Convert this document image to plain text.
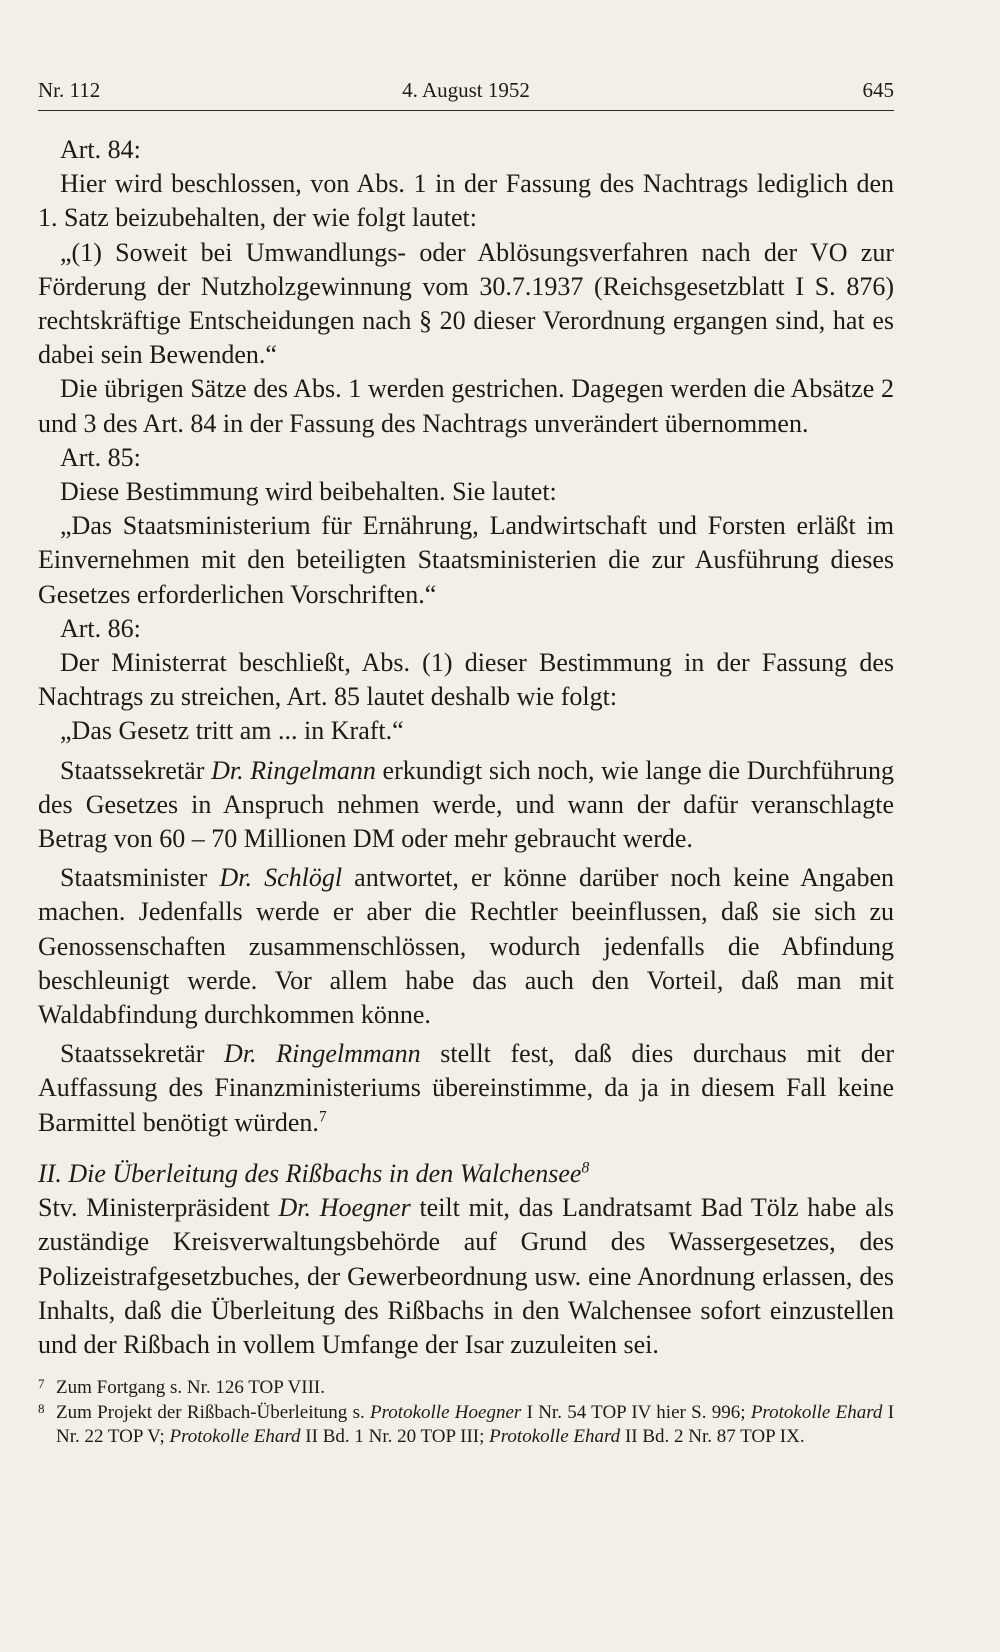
Nr. 112	4. August 1952	645

Art. 84:

Hier wird beschlossen, von Abs. 1 in der Fassung des Nachtrags lediglich den 1. Satz beizubehalten, der wie folgt lautet:

„(1) Soweit bei Umwandlungs- oder Ablösungsverfahren nach der VO zur Förderung der Nutzholzgewinnung vom 30.7.1937 (Reichsgesetzblatt I S. 876) rechtskräftige Entscheidungen nach § 20 dieser Verordnung ergangen sind, hat es dabei sein Bewenden.“

Die übrigen Sätze des Abs. 1 werden gestrichen. Dagegen werden die Absätze 2 und 3 des Art. 84 in der Fassung des Nachtrags unverändert übernommen.

Art. 85:

Diese Bestimmung wird beibehalten. Sie lautet:

„Das Staatsministerium für Ernährung, Landwirtschaft und Forsten erläßt im Einvernehmen mit den beteiligten Staatsministerien die zur Ausführung dieses Gesetzes erforderlichen Vorschriften.“

Art. 86:

Der Ministerrat beschließt, Abs. (1) dieser Bestimmung in der Fassung des Nachtrags zu streichen, Art. 85 lautet deshalb wie folgt:

„Das Gesetz tritt am ... in Kraft.“

Staatssekretär Dr. Ringelmann erkundigt sich noch, wie lange die Durchführung des Gesetzes in Anspruch nehmen werde, und wann der dafür veranschlagte Betrag von 60 – 70 Millionen DM oder mehr gebraucht werde.

Staatsminister Dr. Schlögl antwortet, er könne darüber noch keine Angaben machen. Jedenfalls werde er aber die Rechtler beeinflussen, daß sie sich zu Genossenschaften zusammenschlössen, wodurch jedenfalls die Abfindung beschleunigt werde. Vor allem habe das auch den Vorteil, daß man mit Waldabfindung durchkommen könne.

Staatssekretär Dr. Ringelmmann stellt fest, daß dies durchaus mit der Auffassung des Finanzministeriums übereinstimme, da ja in diesem Fall keine Barmittel benötigt würden.$^7$

II. Die Überleitung des Rißbachs in den Walchensee$^8$

Stv. Ministerpräsident Dr. Hoegner teilt mit, das Landratsamt Bad Tölz habe als zuständige Kreisverwaltungsbehörde auf Grund des Wassergesetzes, des Polizeistrafgesetzbuches, der Gewerbeordnung usw. eine Anordnung erlassen, des Inhalts, daß die Überleitung des Rißbachs in den Walchensee sofort einzustellen und der Rißbach in vollem Umfange der Isar zuzuleiten sei.

7 Zum Fortgang s. Nr. 126 TOP VIII.

8 Zum Projekt der Rißbach-Überleitung s. Protokolle Hoegner I Nr. 54 TOP IV hier S. 996; Protokolle Ehard I Nr. 22 TOP V; Protokolle Ehard II Bd. 1 Nr. 20 TOP III; Protokolle Ehard II Bd. 2 Nr. 87 TOP IX.
